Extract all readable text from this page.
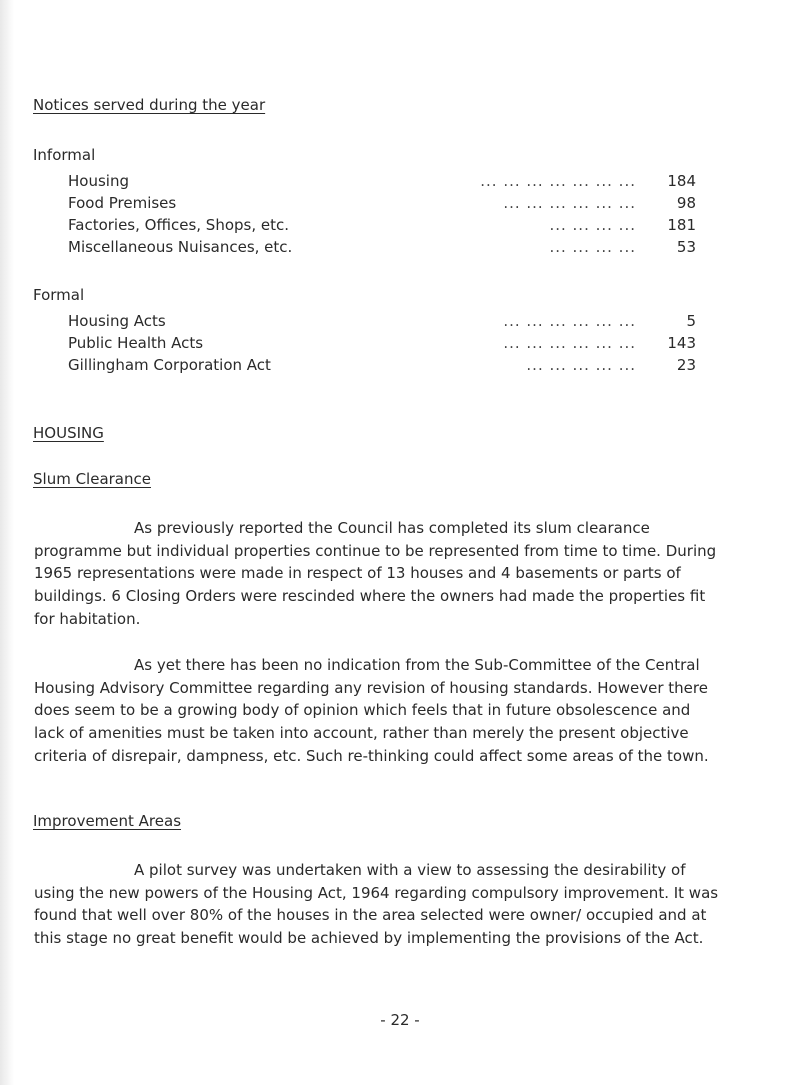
Notices served during the year
Informal
Housing	... ... ... ... ... ... ... 184
Food Premises	... ... ... ... ... ...	98
Factories, Offices, Shops, etc.	... ... ... ... 181
Miscellaneous Nuisances, etc.	... ... ... ...	53
Formal
Housing Acts	... ... ... ... ... ...	5
Public Health Acts	... ... ... ... ... ... 143
Gillingham Corporation Act	... ... ... ... ...	23
HOUSING
Slum Clearance

As previously reported the Council has completed its slum clearance programme but individual properties continue to be represented from time to time. During 1965 representations were made in respect of 13 houses and 4 basements or parts of buildings. 6 Closing Orders were rescinded where the owners had made the properties fit for habitation.

As yet there has been no indication from the Sub-Committee of the Central Housing Advisory Committee regarding any revision of housing standards. However there does seem to be a growing body of opinion which feels that in future obsolescence and lack of amenities must be taken into account, rather than merely the present objective criteria of disrepair, dampness, etc. Such re-thinking could affect some areas of the town.

Improvement Areas

A pilot survey was undertaken with a view to assessing the desirability of using the new powers of the Housing Act, 1964 regarding compulsory improvement. It was found that well over 80% of the houses in the area selected were owner/ occupied and at this stage no great benefit would be achieved by implementing the provisions of the Act.

- 22 -
